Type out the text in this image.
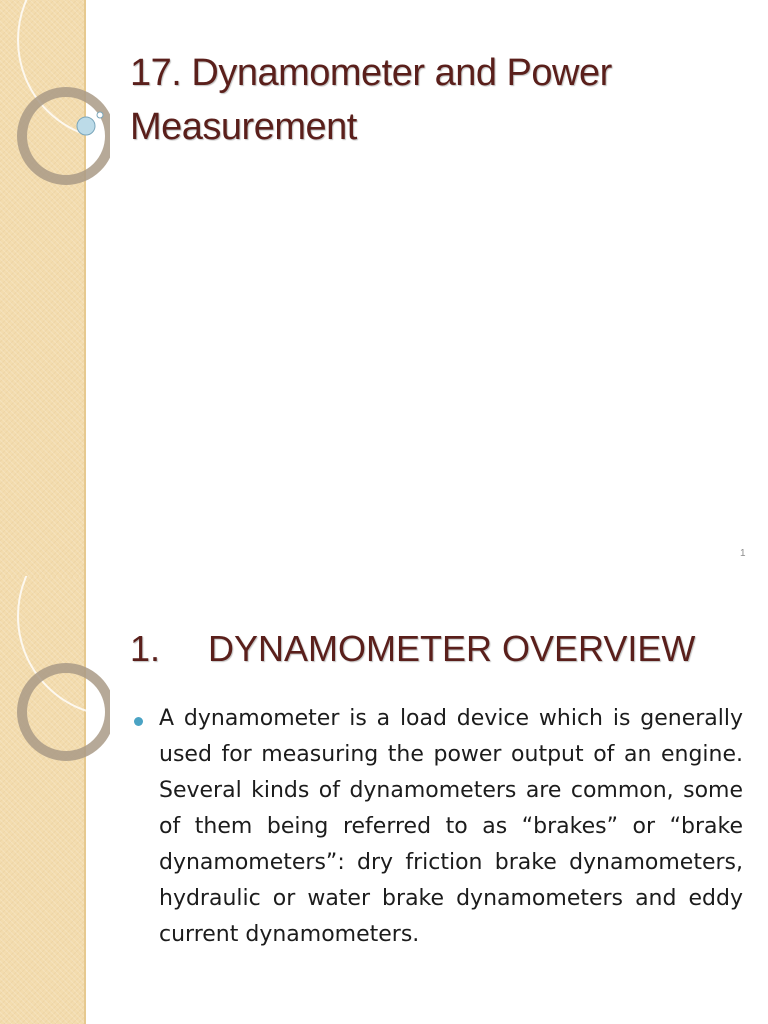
17. Dynamometer and Power Measurement
1
1.	DYNAMOMETER OVERVIEW
A dynamometer is a load device which is generally used for measuring the power output of an engine. Several kinds of dynamometers are common, some of them being referred to as “brakes” or “brake dynamometers”: dry friction brake dynamometers, hydraulic or water brake dynamometers and eddy current dynamometers.
